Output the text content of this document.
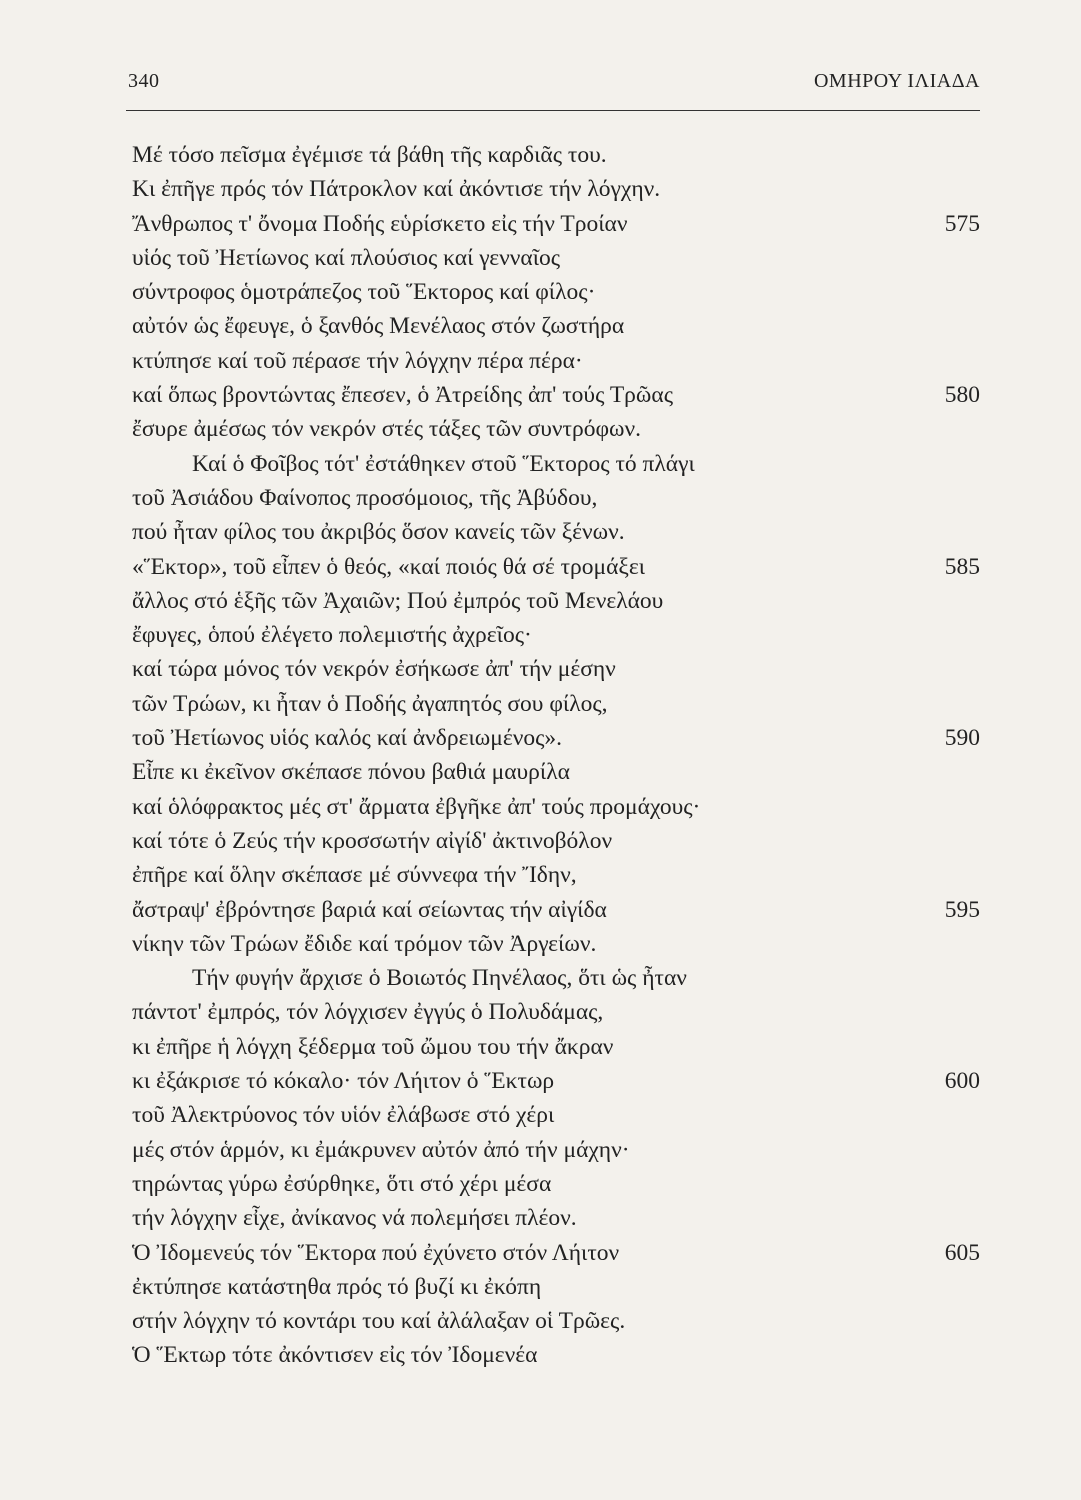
340	ΟΜΗΡΟΥ ΙΛΙΑΔΑ
Μέ τόσο πεῖσμα ἐγέμισε τά βάθη τῆς καρδιᾶς του.
Κι ἐπῆγε πρός τόν Πάτροκλον καί ἀκόντισε τήν λόγχην.
Ἄνθρωπος τ' ὄνομα Ποδής εὑρίσκετο εἰς τήν Τροίαν	575
υἱός τοῦ Ἠετίωνος καί πλούσιος καί γενναῖος
σύντροφος ὁμοτράπεζος τοῦ Ἕκτορος καί φίλος·
αὐτόν ὡς ἔφευγε, ὁ ξανθός Μενέλαος στόν ζωστήρα
κτύπησε καί τοῦ πέρασε τήν λόγχην πέρα πέρα·
καί ὅπως βροντώντας ἔπεσεν, ὁ Ἀτρείδης ἀπ' τούς Τρῶας	580
ἔσυρε ἀμέσως τόν νεκρόν στές τάξες τῶν συντρόφων.
Καί ὁ Φοῖβος τότ' ἐστάθηκεν στοῦ Ἕκτορος τό πλάγι
τοῦ Ἀσιάδου Φαίνοπος προσόμοιος, τῆς Ἀβύδου,
πού ἦταν φίλος του ἀκριβός ὅσον κανείς τῶν ξένων.
«Ἕκτορ», τοῦ εἶπεν ὁ θεός, «καί ποιός θά σέ τρομάξει	585
ἄλλος στό ἑξῆς τῶν Ἀχαιῶν; Πού ἐμπρός τοῦ Μενελάου
ἔφυγες, ὁπού ἐλέγετο πολεμιστής ἀχρεῖος·
καί τώρα μόνος τόν νεκρόν ἐσήκωσε ἀπ' τήν μέσην
τῶν Τρώων, κι ἦταν ὁ Ποδής ἀγαπητός σου φίλος,
τοῦ Ἠετίωνος υἱός καλός καί ἀνδρειωμένος».	590
Εἶπε κι ἐκεῖνον σκέπασε πόνου βαθιά μαυρίλα
καί ὁλόφρακτος μές στ' ἄρματα ἐβγῆκε ἀπ' τούς προμάχους·
καί τότε ὁ Ζεύς τήν κροσσωτήν αἰγίδ' ἀκτινοβόλον
ἐπῆρε καί ὅλην σκέπασε μέ σύννεφα τήν Ἴδην,
ἄστραψ' ἐβρόντησε βαριά καί σείωντας τήν αἰγίδα	595
νίκην τῶν Τρώων ἔδιδε καί τρόμον τῶν Ἀργείων.
Τήν φυγήν ἄρχισε ὁ Βοιωτός Πηνέλαος, ὅτι ὡς ἦταν
πάντοτ' ἐμπρός, τόν λόγχισεν ἐγγύς ὁ Πολυδάμας,
κι ἐπῆρε ἡ λόγχη ξέδερμα τοῦ ὤμου του τήν ἄκραν
κι ἐξάκρισε τό κόκαλο· τόν Λήιτον ὁ Ἕκτωρ	600
τοῦ Ἀλεκτρύονος τόν υἱόν ἐλάβωσε στό χέρι
μές στόν ἁρμόν, κι ἐμάκρυνεν αὐτόν ἀπό τήν μάχην·
τηρώντας γύρω ἐσύρθηκε, ὅτι στό χέρι μέσα
τήν λόγχην εἶχε, ἀνίκανος νά πολεμήσει πλέον.
Ὁ Ἰδομενεύς τόν Ἕκτορα πού ἐχύνετο στόν Λήιτον	605
ἐκτύπησε κατάστηθα πρός τό βυζί κι ἐκόπη
στήν λόγχην τό κοντάρι του καί ἀλάλαξαν οἱ Τρῶες.
Ὁ Ἕκτωρ τότε ἀκόντισεν εἰς τόν Ἰδομενέα
